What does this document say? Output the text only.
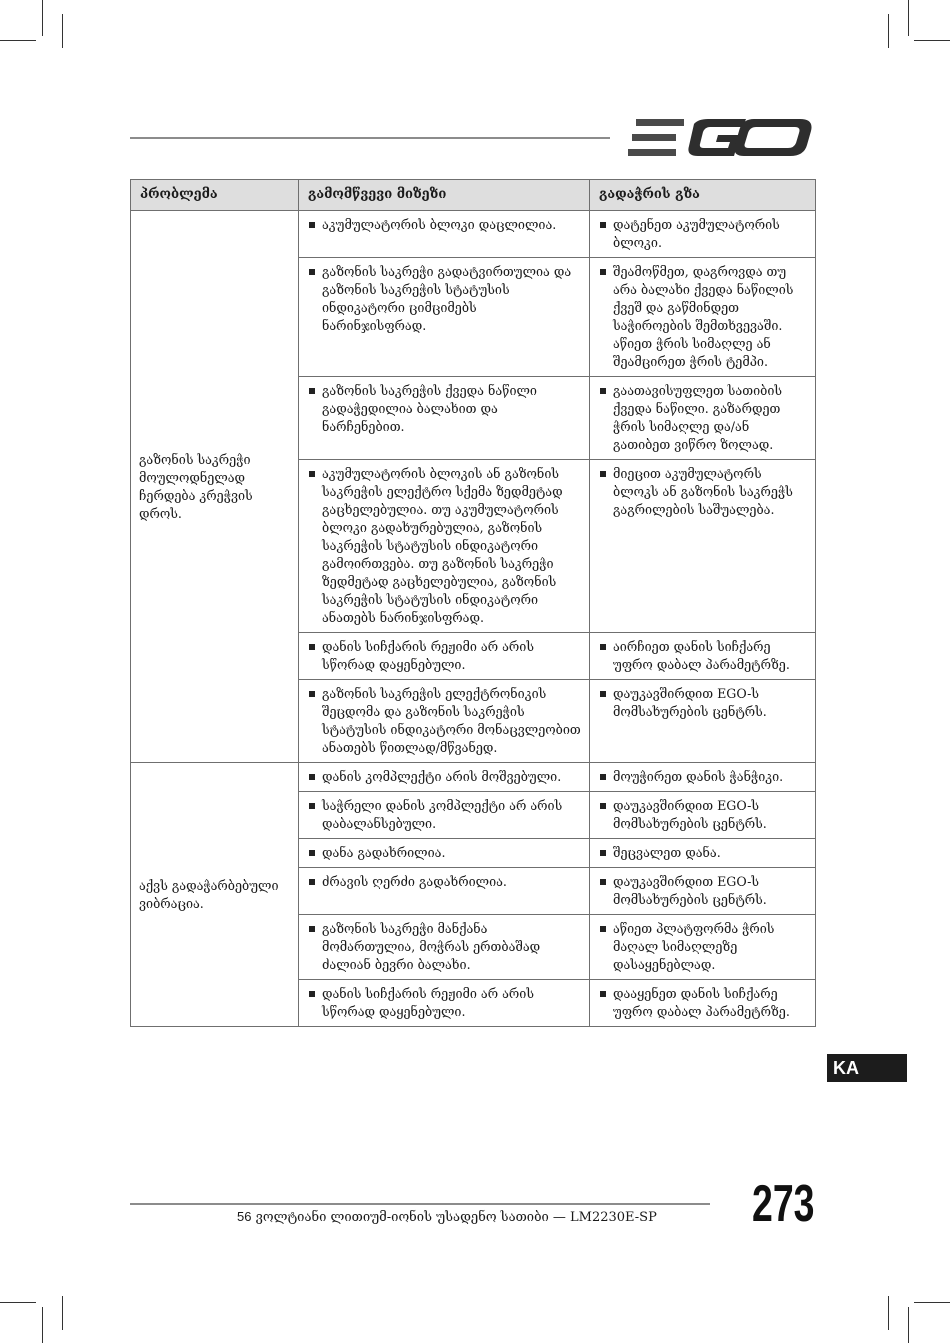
პრობლემა	გამომწვევი მიზეზი	გადაჭრის გზა
გაზონის საკრეჭი მოულოდნელად ჩერდება კრეჭვის დროს.	აკუმულატორის ბლოკი დაცლილია.	დატენეთ აკუმულატორის ბლოკი.

	გაზონის საკრეჭი გადატვირთულია და გაზონის საკრეჭის სტატუსის ინდიკატორი ციმციმებს ნარინჯისფრად.	შეამოწმეთ, დაგროვდა თუ არა ბალახი ქვედა ნაწილის ქვეშ და გაწმინდეთ საჭიროების შემთხვევაში. აწიეთ ჭრის სიმაღლე ან შეამცირეთ ჭრის ტემპი.

	გაზონის საკრეჭის ქვედა ნაწილი გადაჭედილია ბალახით და ნარჩენებით.	გაათავისუფლეთ სათიბის ქვედა ნაწილი. გაზარდეთ ჭრის სიმაღლე და/ან გათიბეთ ვიწრო ზოლად.

	აკუმულატორის ბლოკის ან გაზონის საკრეჭის ელექტრო სქემა ზედმეტად გაცხელებულია. თუ აკუმულატორის ბლოკი გადახურებულია, გაზონის საკრეჭის სტატუსის ინდიკატორი გამოირთვება. თუ გაზონის საკრეჭი ზედმეტად გაცხელებულია, გაზონის საკრეჭის სტატუსის ინდიკატორი ანათებს ნარინჯისფრად.	მიეცით აკუმულატორს ბლოკს ან გაზონის საკრეჭს გაგრილების საშუალება.

	დანის სიჩქარის რეჟიმი არ არის სწორად დაყენებული.	აირჩიეთ დანის სიჩქარე უფრო დაბალ პარამეტრზე.

	გაზონის საკრეჭის ელექტრონიკის შეცდომა და გაზონის საკრეჭის სტატუსის ინდიკატორი მონაცვლეობით ანათებს წითლად/მწვანედ.	დაუკავშირდით EGO-ს მომსახურების ცენტრს.

აქვს გადაჭარბებული ვიბრაცია.	დანის კომპლექტი არის მოშვებული.	მოუჭირეთ დანის ჭანჭიკი.

	საჭრელი დანის კომპლექტი არ არის დაბალანსებული.	დაუკავშირდით EGO-ს მომსახურების ცენტრს.

	დანა გადახრილია.	შეცვალეთ დანა.

	ძრავის ღერძი გადახრილია.	დაუკავშირდით EGO-ს მომსახურების ცენტრს.

	გაზონის საკრეჭი მანქანა მომართულია, მოჭრას ერთბაშად ძალიან ბევრი ბალახი.	აწიეთ პლატფორმა ჭრის მაღალ სიმაღლეზე დასაყენებლად.

	დანის სიჩქარის რეჟიმი არ არის სწორად დაყენებული.	დააყენეთ დანის სიჩქარე უფრო დაბალ პარამეტრზე.
KA
56 ვოლტიანი ლითიუმ-იონის უსადენო სათიბი — LM2230E-SP	273
